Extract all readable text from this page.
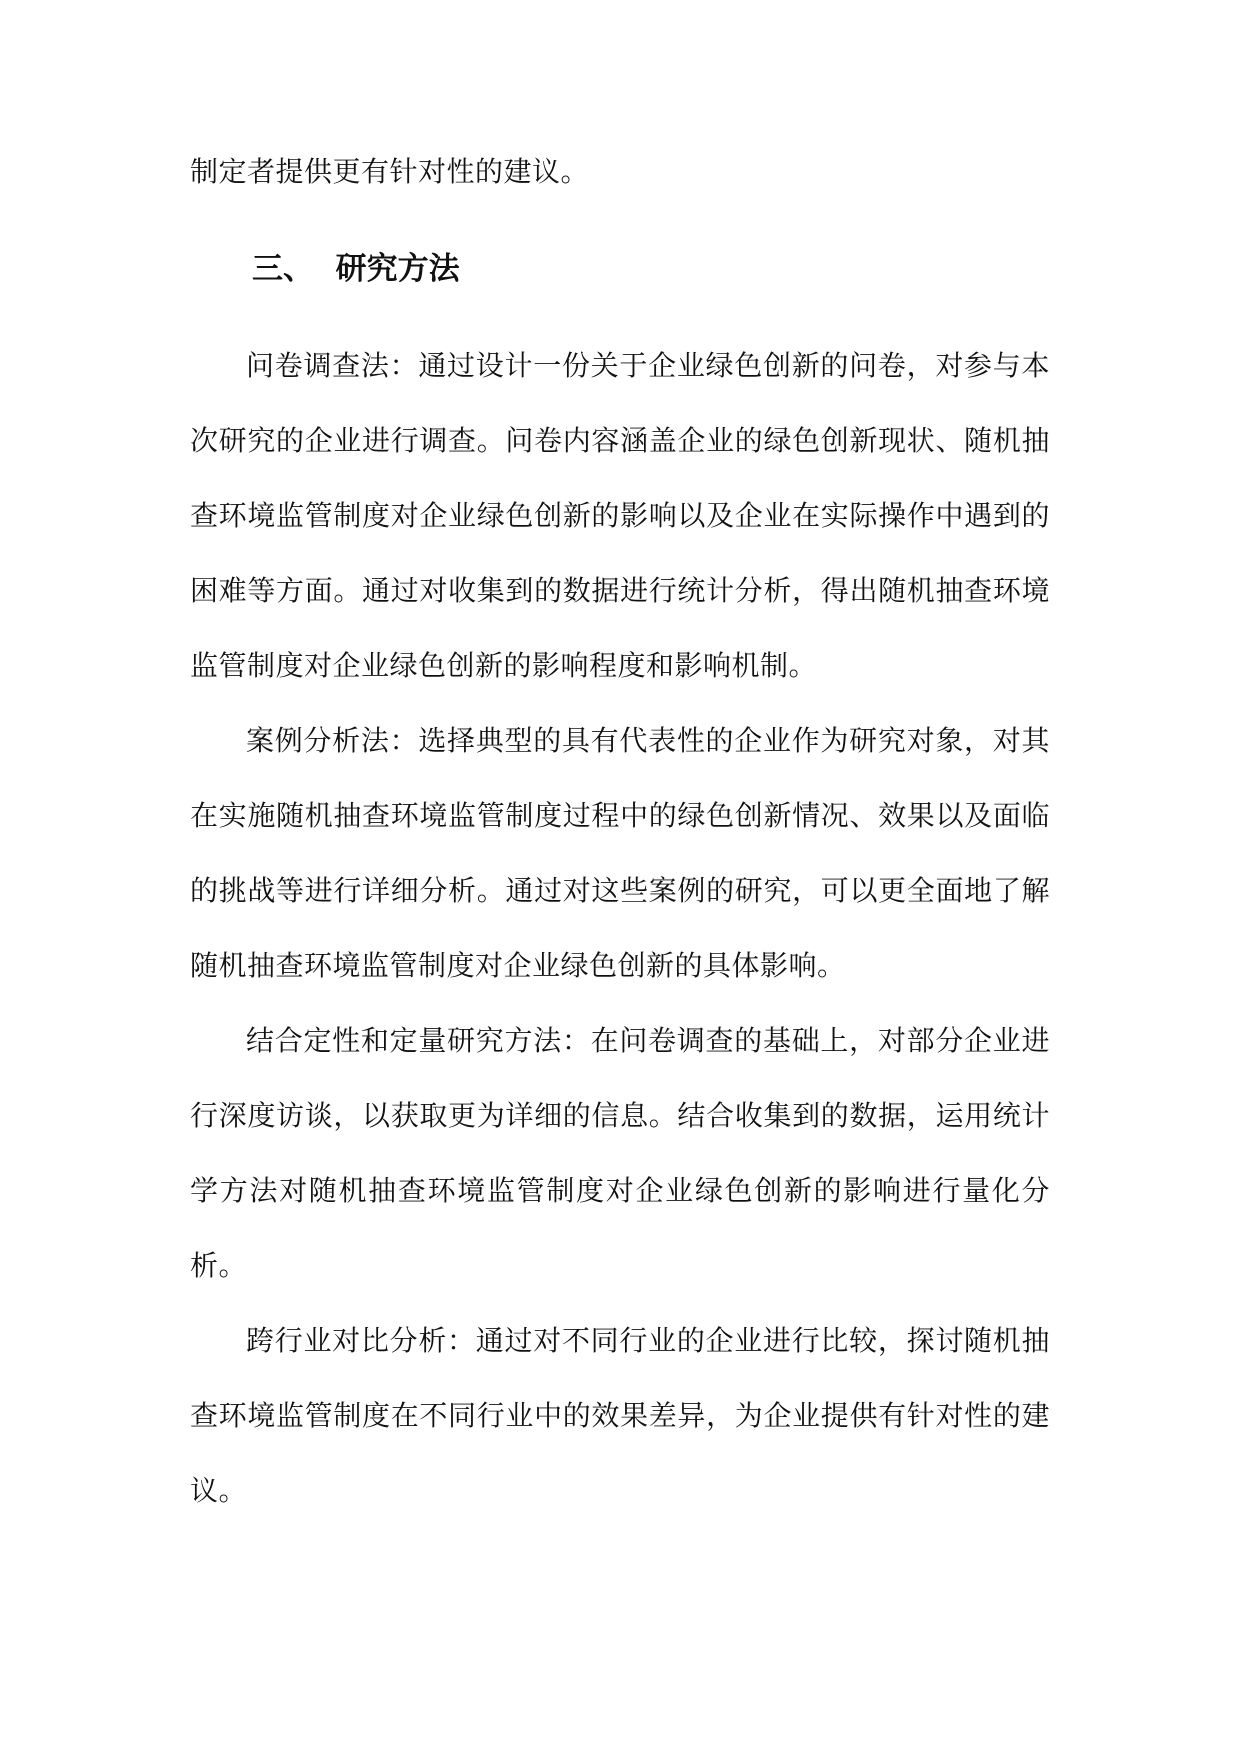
制定者提供更有针对性的建议。

三、  研究方法

问卷调查法：通过设计一份关于企业绿色创新的问卷，对参与本次研究的企业进行调查。问卷内容涵盖企业的绿色创新现状、随机抽查环境监管制度对企业绿色创新的影响以及企业在实际操作中遇到的困难等方面。通过对收集到的数据进行统计分析，得出随机抽查环境监管制度对企业绿色创新的影响程度和影响机制。

案例分析法：选择典型的具有代表性的企业作为研究对象，对其在实施随机抽查环境监管制度过程中的绿色创新情况、效果以及面临的挑战等进行详细分析。通过对这些案例的研究，可以更全面地了解随机抽查环境监管制度对企业绿色创新的具体影响。

结合定性和定量研究方法：在问卷调查的基础上，对部分企业进行深度访谈，以获取更为详细的信息。结合收集到的数据，运用统计学方法对随机抽查环境监管制度对企业绿色创新的影响进行量化分析。

跨行业对比分析：通过对不同行业的企业进行比较，探讨随机抽查环境监管制度在不同行业中的效果差异，为企业提供有针对性的建议。
